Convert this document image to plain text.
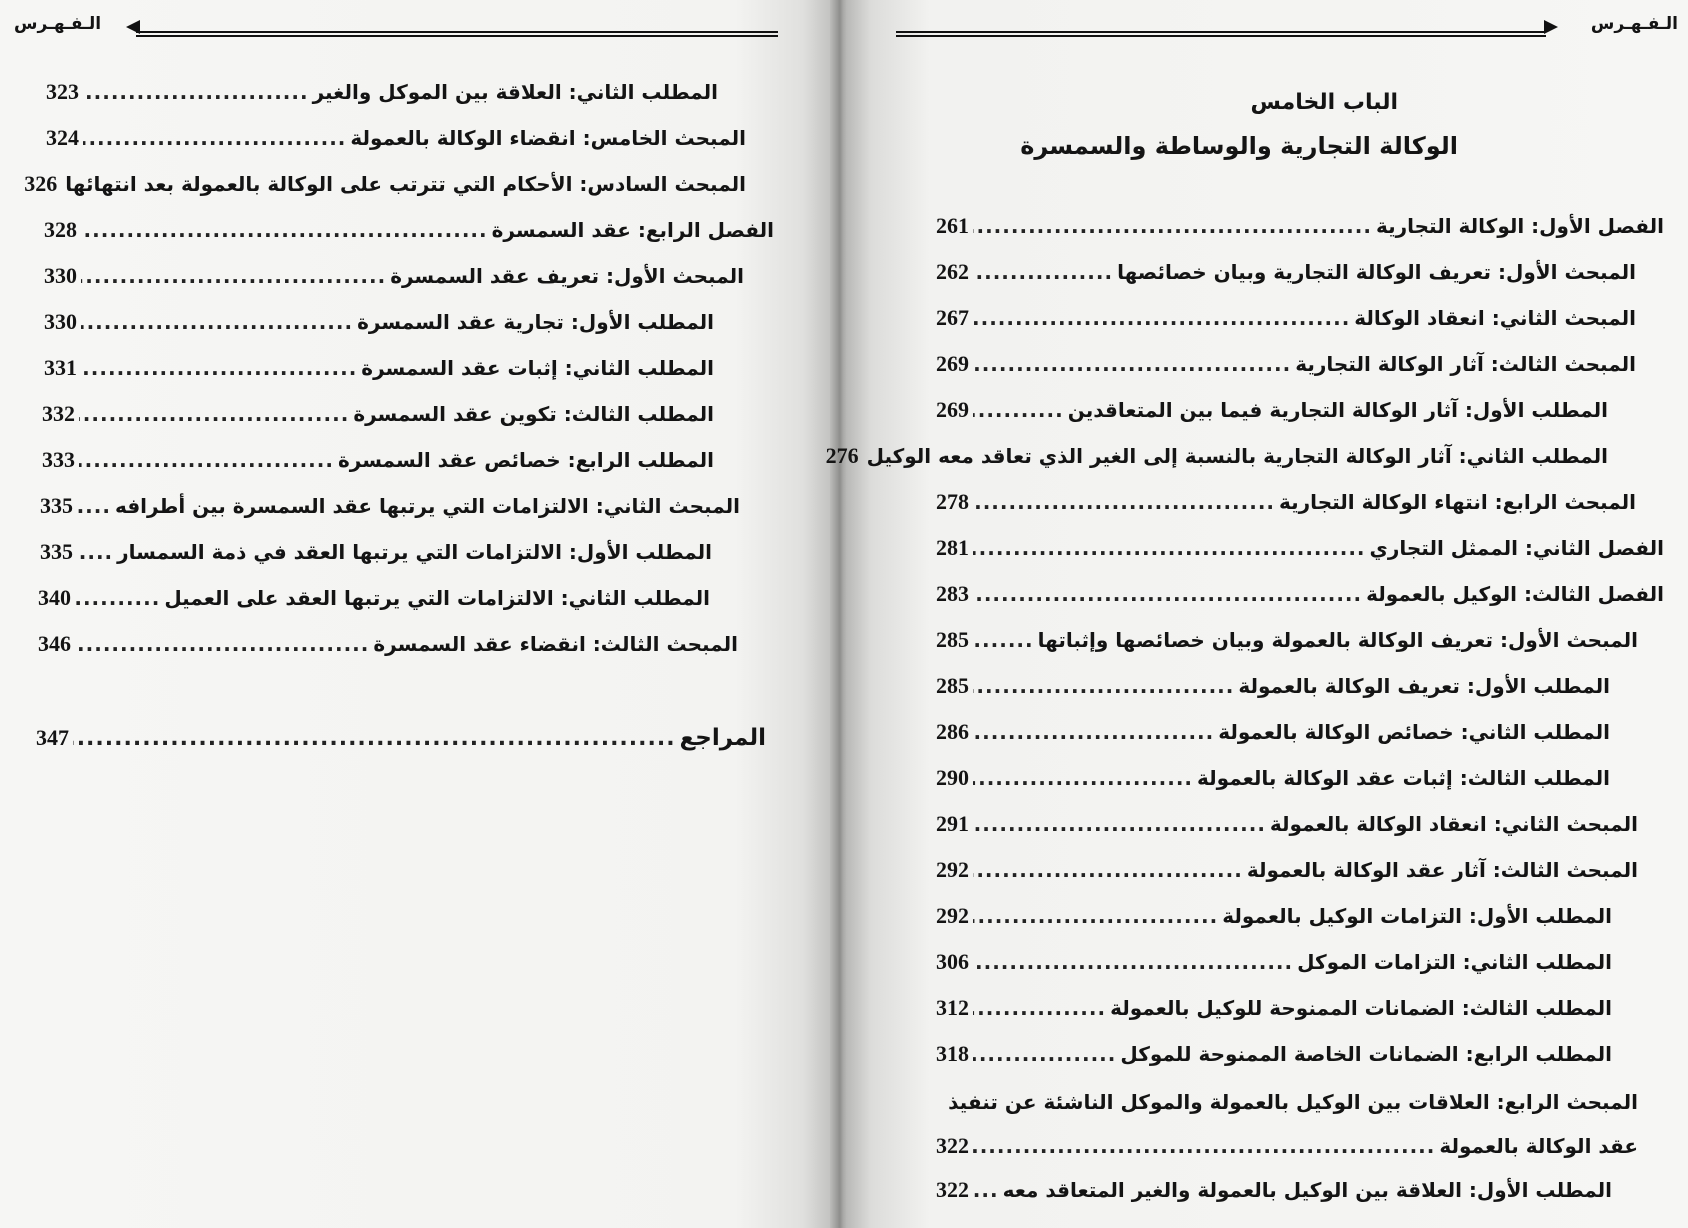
الـفـهـرس
المطلب الثاني: العلاقة بين الموكل والغير
.....
323
المبحث الخامس: انقضاء الوكالة بالعمولة
.....
324
المبحث السادس: الأحكام التي تترتب على الوكالة بالعمولة بعد انتهائها
326
الفصل الرابع: عقد السمسرة
.....
328
المبحث الأول: تعريف عقد السمسرة
.....
330
المطلب الأول: تجارية عقد السمسرة
.....
330
المطلب الثاني: إثبات عقد السمسرة
.....
331
المطلب الثالث: تكوين عقد السمسرة
.....
332
المطلب الرابع: خصائص عقد السمسرة
.....
333
المبحث الثاني: الالتزامات التي يرتبها عقد السمسرة بين أطرافه
.....
335
المطلب الأول: الالتزامات التي يرتبها العقد في ذمة السمسار
.....
335
المطلب الثاني: الالتزامات التي يرتبها العقد على العميل
.....
340
المبحث الثالث: انقضاء عقد السمسرة
.....
346
المراجع
.....
347
الـفـهـرس
الباب الخامس
الوكالة التجارية والوساطة والسمسرة
الفصل الأول: الوكالة التجارية
.....
261
المبحث الأول: تعريف الوكالة التجارية وبيان خصائصها
.....
262
المبحث الثاني: انعقاد الوكالة
.....
267
المبحث الثالث: آثار الوكالة التجارية
.....
269
المطلب الأول: آثار الوكالة التجارية فيما بين المتعاقدين
.....
269
المطلب الثاني: آثار الوكالة التجارية بالنسبة إلى الغير الذي تعاقد معه الوكيل
276
المبحث الرابع: انتهاء الوكالة التجارية
.....
278
الفصل الثاني: الممثل التجاري
.....
281
الفصل الثالث: الوكيل بالعمولة
.....
283
المبحث الأول: تعريف الوكالة بالعمولة وبيان خصائصها وإثباتها
.....
285
المطلب الأول: تعريف الوكالة بالعمولة
.....
285
المطلب الثاني: خصائص الوكالة بالعمولة
.....
286
المطلب الثالث: إثبات عقد الوكالة بالعمولة
.....
290
المبحث الثاني: انعقاد الوكالة بالعمولة
.....
291
المبحث الثالث: آثار عقد الوكالة بالعمولة
.....
292
المطلب الأول: التزامات الوكيل بالعمولة
.....
292
المطلب الثاني: التزامات الموكل
.....
306
المطلب الثالث: الضمانات الممنوحة للوكيل بالعمولة
.....
312
المطلب الرابع: الضمانات الخاصة الممنوحة للموكل
.....
318
المبحث الرابع: العلاقات بين الوكيل بالعمولة والموكل الناشئة عن تنفيذ
عقد الوكالة بالعمولة
.....
322
المطلب الأول: العلاقة بين الوكيل بالعمولة والغير المتعاقد معه
.....
322
